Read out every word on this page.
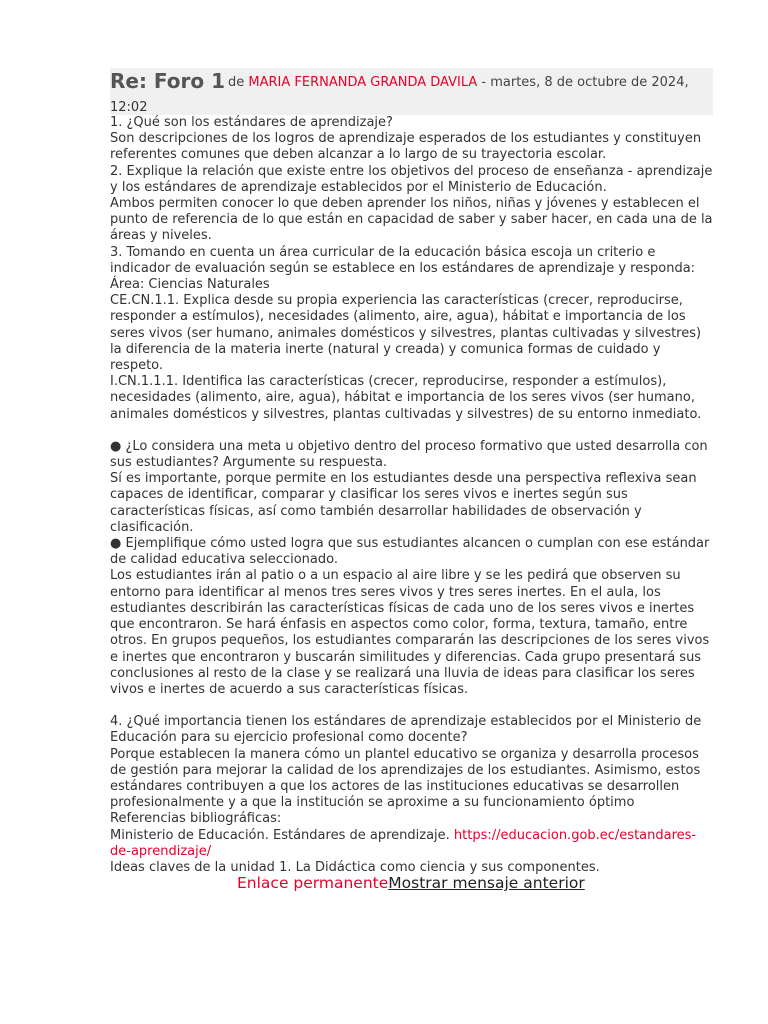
Re: Foro 1 de MARIA FERNANDA GRANDA DAVILA - martes, 8 de octubre de 2024,
12:02

1. ¿Qué son los estándares de aprendizaje?

Son descripciones de los logros de aprendizaje esperados de los estudiantes y constituyen referentes comunes que deben alcanzar a lo largo de su trayectoria escolar.

2. Explique la relación que existe entre los objetivos del proceso de enseñanza - aprendizaje y los estándares de aprendizaje establecidos por el Ministerio de Educación.

Ambos permiten conocer lo que deben aprender los niños, niñas y jóvenes y establecen el punto de referencia de lo que están en capacidad de saber y saber hacer, en cada una de la áreas y niveles.

3. Tomando en cuenta un área curricular de la educación básica escoja un criterio e indicador de evaluación según se establece en los estándares de aprendizaje y responda:

Área: Ciencias Naturales

CE.CN.1.1. Explica desde su propia experiencia las características (crecer, reproducirse, responder a estímulos), necesidades (alimento, aire, agua), hábitat e importancia de los seres vivos (ser humano, animales domésticos y silvestres, plantas cultivadas y silvestres) la diferencia de la materia inerte (natural y creada) y comunica formas de cuidado y respeto.

I.CN.1.1.1. Identifica las características (crecer, reproducirse, responder a estímulos), necesidades (alimento, aire, agua), hábitat e importancia de los seres vivos (ser humano, animales domésticos y silvestres, plantas cultivadas y silvestres) de su entorno inmediato.

● ¿Lo considera una meta u objetivo dentro del proceso formativo que usted desarrolla con sus estudiantes? Argumente su respuesta.

Sí es importante, porque permite en los estudiantes desde una perspectiva reflexiva sean capaces de identificar, comparar y clasificar los seres vivos e inertes según sus características físicas, así como también desarrollar habilidades de observación y clasificación.

● Ejemplifique cómo usted logra que sus estudiantes alcancen o cumplan con ese estándar de calidad educativa seleccionado.

Los estudiantes irán al patio o a un espacio al aire libre y se les pedirá que observen su entorno para identificar al menos tres seres vivos y tres seres inertes. En el aula, los estudiantes describirán las características físicas de cada uno de los seres vivos e inertes que encontraron. Se hará énfasis en aspectos como color, forma, textura, tamaño, entre otros. En grupos pequeños, los estudiantes compararán las descripciones de los seres vivos e inertes que encontraron y buscarán similitudes y diferencias. Cada grupo presentará sus conclusiones al resto de la clase y se realizará una lluvia de ideas para clasificar los seres vivos e inertes de acuerdo a sus características físicas.

4. ¿Qué importancia tienen los estándares de aprendizaje establecidos por el Ministerio de Educación para su ejercicio profesional como docente?

Porque establecen la manera cómo un plantel educativo se organiza y desarrolla procesos de gestión para mejorar la calidad de los aprendizajes de los estudiantes. Asimismo, estos estándares contribuyen a que los actores de las instituciones educativas se desarrollen profesionalmente y a que la institución se aproxime a su funcionamiento óptimo

Referencias bibliográficas:

Ministerio de Educación. Estándares de aprendizaje. https://educacion.gob.ec/estandares-de-aprendizaje/

Ideas claves de la unidad 1. La Didáctica como ciencia y sus componentes.

Enlace permanenteMostrar mensaje anterior
